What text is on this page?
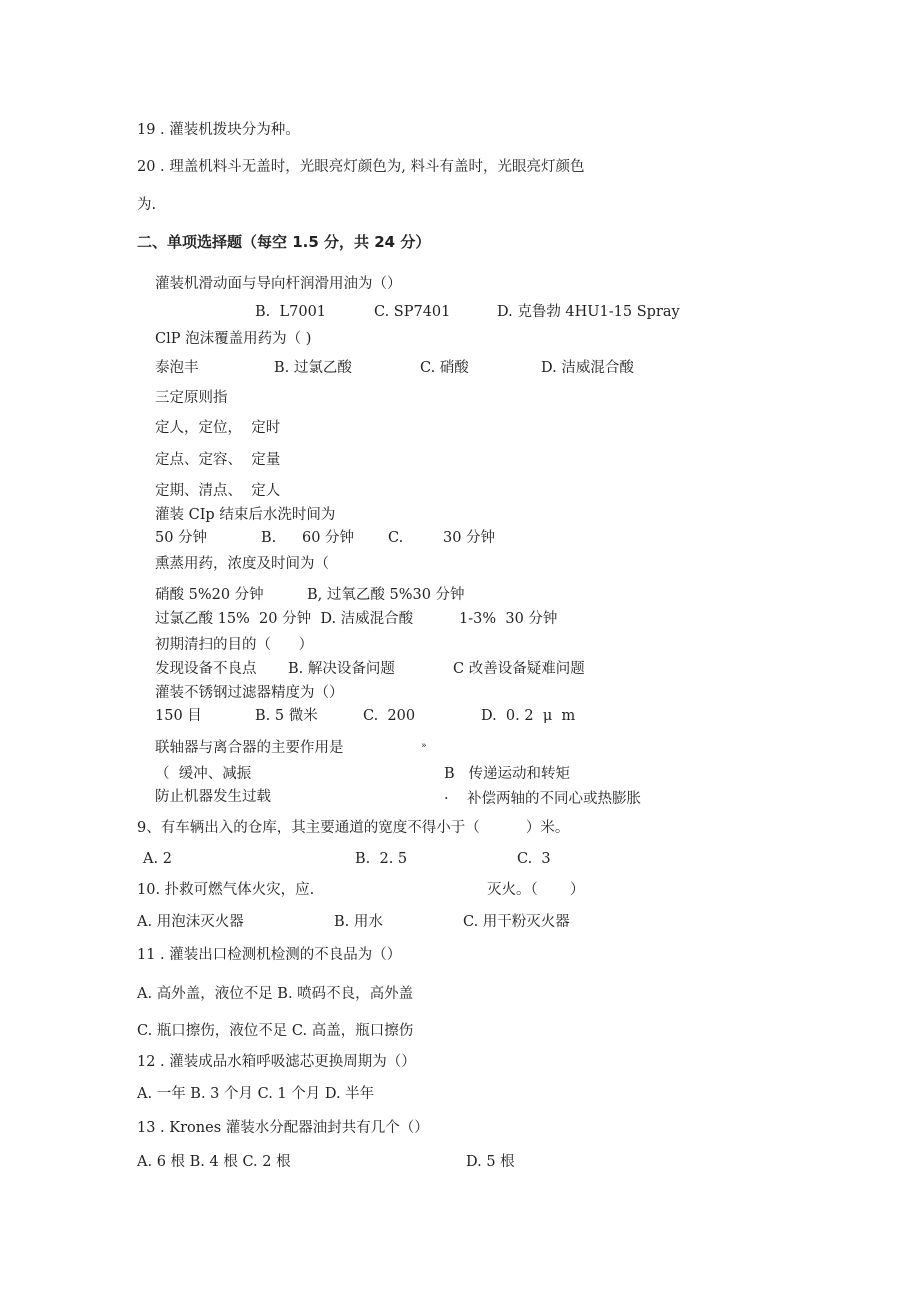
19 . 灌装机拨块分为种。
20 . 理盖机料斗无盖时，光眼亮灯颜色为, 料斗有盖时，光眼亮灯颜色
为.
二、单项选择题（每空 1.5 分，共 24 分）
灌装机滑动面与导向杆润滑用油为（）
B.  L7001	C. SP7401	D. 克鲁勃 4HU1-15 Spray
ClP 泡沫覆盖用药为（ )
泰泡丰	B. 过氯乙酸	C. 硝酸	D. 洁威混合酸
三定原则指
定人，定位，  定时
定点、定容、  定量
定期、清点、  定人
灌装 CIp 结束后水洗时间为
50 分钟	B. 60 分钟 C.	30 分钟
熏蒸用药，浓度及时间为（
硝酸 5%20 分钟	B, 过氧乙酸 5%30 分钟
过氯乙酸 15%  20 分钟  D. 洁威混合酸	1-3%  30 分钟
初期清扫的目的（      ）
发现设备不良点 B. 解决设备问题	C 改善设备疑难问题
灌装不锈钢过滤器精度为（）
150 目	B. 5 微米	C.  200	D.  0. 2  μ  m
联轴器与离合器的主要作用是	»
（  缓冲、减振	B   传递运动和转矩
防止机器发生过载	·    补偿两轴的不同心或热膨胀
9、有车辆出入的仓库，其主要通道的宽度不得小于（          ）米。
A. 2	B.  2. 5	C.  3
10. 扑救可燃气体火灾，应.	灭火。（       ）
A. 用泡沫灭火器	B. 用水	C. 用干粉灭火器
11 . 灌装出口检测机检测的不良品为（）
A. 高外盖，液位不足 B. 喷码不良，高外盖
C. 瓶口擦伤，液位不足 C. 高盖，瓶口擦伤
12 . 灌装成品水箱呼吸滤芯更换周期为（）
A. 一年 B. 3 个月 C. 1 个月 D. 半年
13 . Krones 灌装水分配器油封共有几个（）
A. 6 根 B. 4 根 C. 2 根	D. 5 根
